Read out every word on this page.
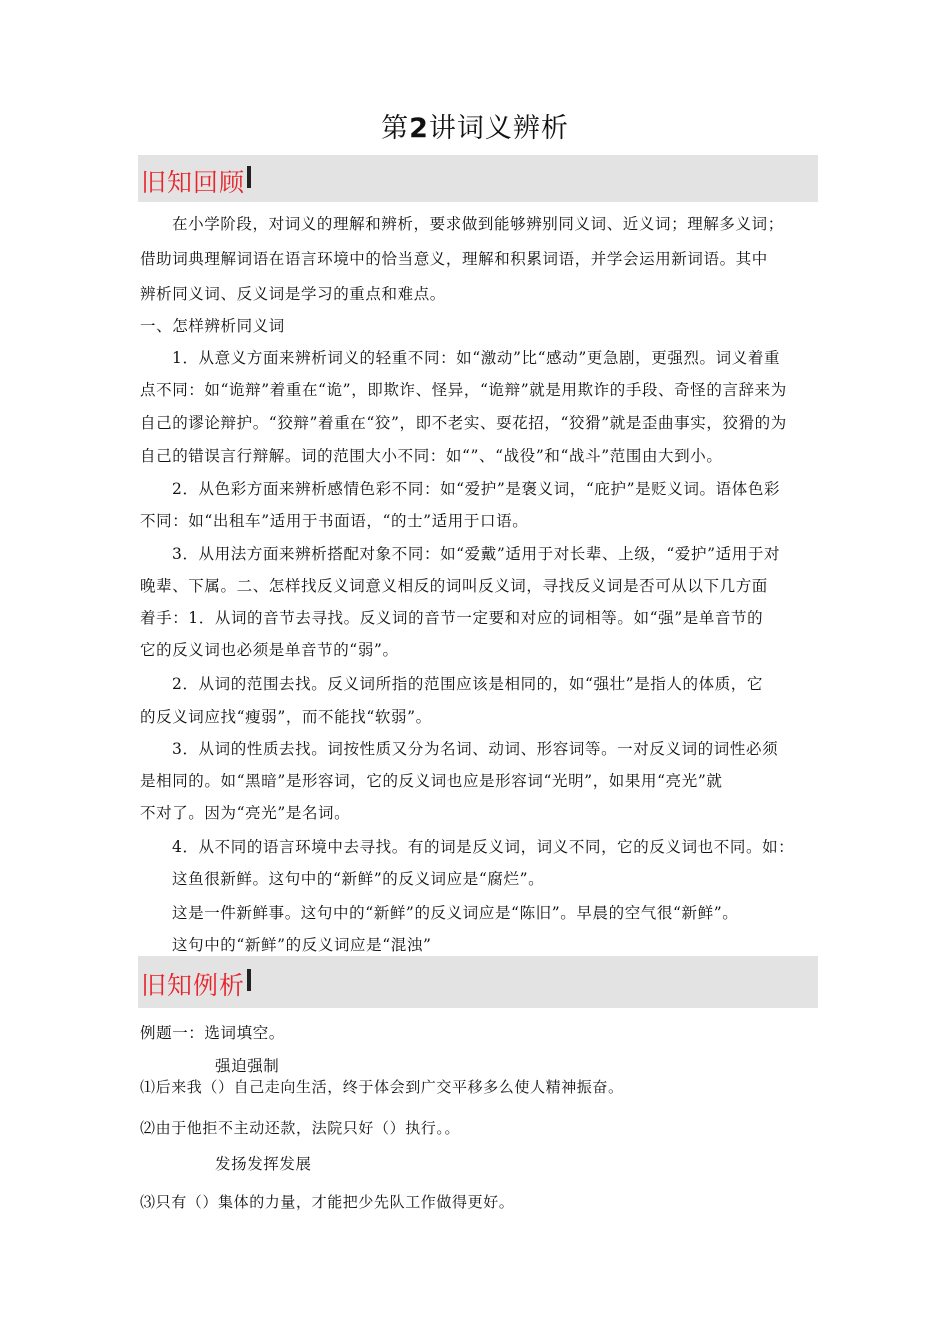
第2讲词义辨析
旧知回顾
在小学阶段，对词义的理解和辨析，要求做到能够辨别同义词、近义词；理解多义词；
借助词典理解词语在语言环境中的恰当意义，理解和积累词语，并学会运用新词语。其中
辨析同义词、反义词是学习的重点和难点。
一、怎样辨析同义词
1．从意义方面来辨析词义的轻重不同：如“激动”比“感动”更急剧，更强烈。词义着重
点不同：如“诡辩”着重在“诡”，即欺诈、怪异，“诡辩”就是用欺诈的手段、奇怪的言辞来为
自己的谬论辩护。“狡辩”着重在“狡”，即不老实、耍花招，“狡猾”就是歪曲事实，狡猾的为
自己的错误言行辩解。词的范围大小不同：如“”、“战役”和“战斗”范围由大到小。
2．从色彩方面来辨析感情色彩不同：如“爱护”是褒义词，“庇护”是贬义词。语体色彩
不同：如“出租车”适用于书面语，“的士”适用于口语。
3．从用法方面来辨析搭配对象不同：如“爱戴”适用于对长辈、上级，“爱护”适用于对
晚辈、下属。二、怎样找反义词意义相反的词叫反义词，寻找反义词是否可从以下几方面
着手：1．从词的音节去寻找。反义词的音节一定要和对应的词相等。如“强”是单音节的
它的反义词也必须是单音节的“弱”。
2．从词的范围去找。反义词所指的范围应该是相同的，如“强壮”是指人的体质，它
的反义词应找“瘦弱”，而不能找“软弱”。
3．从词的性质去找。词按性质又分为名词、动词、形容词等。一对反义词的词性必须
是相同的。如“黑暗”是形容词，它的反义词也应是形容词“光明”，如果用“亮光”就
不对了。因为“亮光”是名词。
4．从不同的语言环境中去寻找。有的词是反义词，词义不同，它的反义词也不同。如：
这鱼很新鲜。这句中的“新鲜”的反义词应是“腐烂”。
这是一件新鲜事。这句中的“新鲜”的反义词应是“陈旧”。早晨的空气很“新鲜”。
这句中的“新鲜”的反义词应是“混浊”
旧知例析
例题一：选词填空。
强迫强制
⑴后来我（）自己走向生活，终于体会到广交平移多么使人精神振奋。
⑵由于他拒不主动还款，法院只好（）执行。。
发扬发挥发展
⑶只有（）集体的力量，才能把少先队工作做得更好。
